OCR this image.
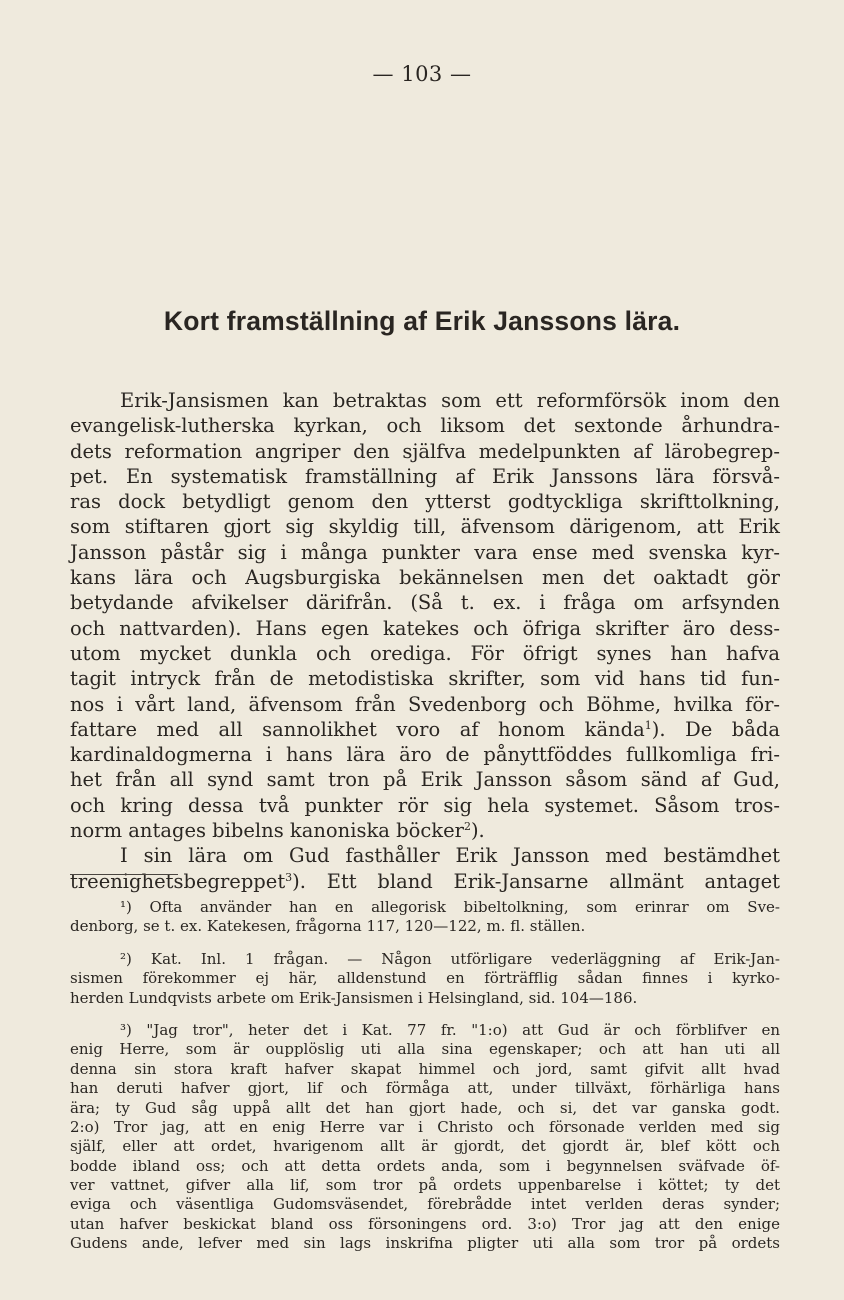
— 103 —
Kort framställning af Erik Janssons lära.
Erik-Jansismen kan betraktas som ett reformförsök inom den
evangelisk-lutherska kyrkan, och liksom det sextonde århundra-
dets reformation angriper den själfva medelpunkten af lärobegrep-
pet. En systematisk framställning af Erik Janssons lära försvå-
ras dock betydligt genom den ytterst godtyckliga skrifttolkning,
som stiftaren gjort sig skyldig till, äfvensom därigenom, att Erik
Jansson påstår sig i många punkter vara ense med svenska kyr-
kans lära och Augsburgiska bekännelsen men det oaktadt gör
betydande afvikelser därifrån. (Så t. ex. i fråga om arfsynden
och nattvarden). Hans egen katekes och öfriga skrifter äro dess-
utom mycket dunkla och orediga. För öfrigt synes han hafva
tagit intryck från de metodistiska skrifter, som vid hans tid fun-
nos i vårt land, äfvensom från Svedenborg och Böhme, hvilka för-
fattare med all sannolikhet voro af honom kända$^1$). De båda
kardinaldogmerna i hans lära äro de pånyttföddes fullkomliga fri-
het från all synd samt tron på Erik Jansson såsom sänd af Gud,
och kring dessa två punkter rör sig hela systemet. Såsom tros-
norm antages bibelns kanoniska böcker$^2$).
I sin lära om Gud fasthåller Erik Jansson med bestämdhet
treenighetsbegreppet$^3$). Ett bland Erik-Jansarne allmänt antaget
¹) Ofta använder han en allegorisk bibeltolkning, som erinrar om Sve-
denborg, se t. ex. Katekesen, frågorna 117, 120—122, m. fl. ställen.
²) Kat. Inl. 1 frågan. — Någon utförligare vederläggning af Erik-Jan-
sismen förekommer ej här, alldenstund en förträfflig sådan finnes i kyrko-
herden Lundqvists arbete om Erik-Jansismen i Helsingland, sid. 104—186.
³) "Jag tror", heter det i Kat. 77 fr. "1:o) att Gud är och förblifver en
enig Herre, som är oupplöslig uti alla sina egenskaper; och att han uti all
denna sin stora kraft hafver skapat himmel och jord, samt gifvit allt hvad
han deruti hafver gjort, lif och förmåga att, under tillväxt, förhärliga hans
ära; ty Gud såg uppå allt det han gjort hade, och si, det var ganska godt.
2:o) Tror jag, att en enig Herre var i Christo och försonade verlden med sig
själf, eller att ordet, hvarigenom allt är gjordt, det gjordt är, blef kött och
bodde ibland oss; och att detta ordets anda, som i begynnelsen sväfvade öf-
ver vattnet, gifver alla lif, som tror på ordets uppenbarelse i köttet; ty det
eviga och väsentliga Gudomsväsendet, förebrådde intet verlden deras synder;
utan hafver beskickat bland oss försoningens ord. 3:o) Tror jag att den enige
Gudens ande, lefver med sin lags inskrifna pligter uti alla som tror på ordets
